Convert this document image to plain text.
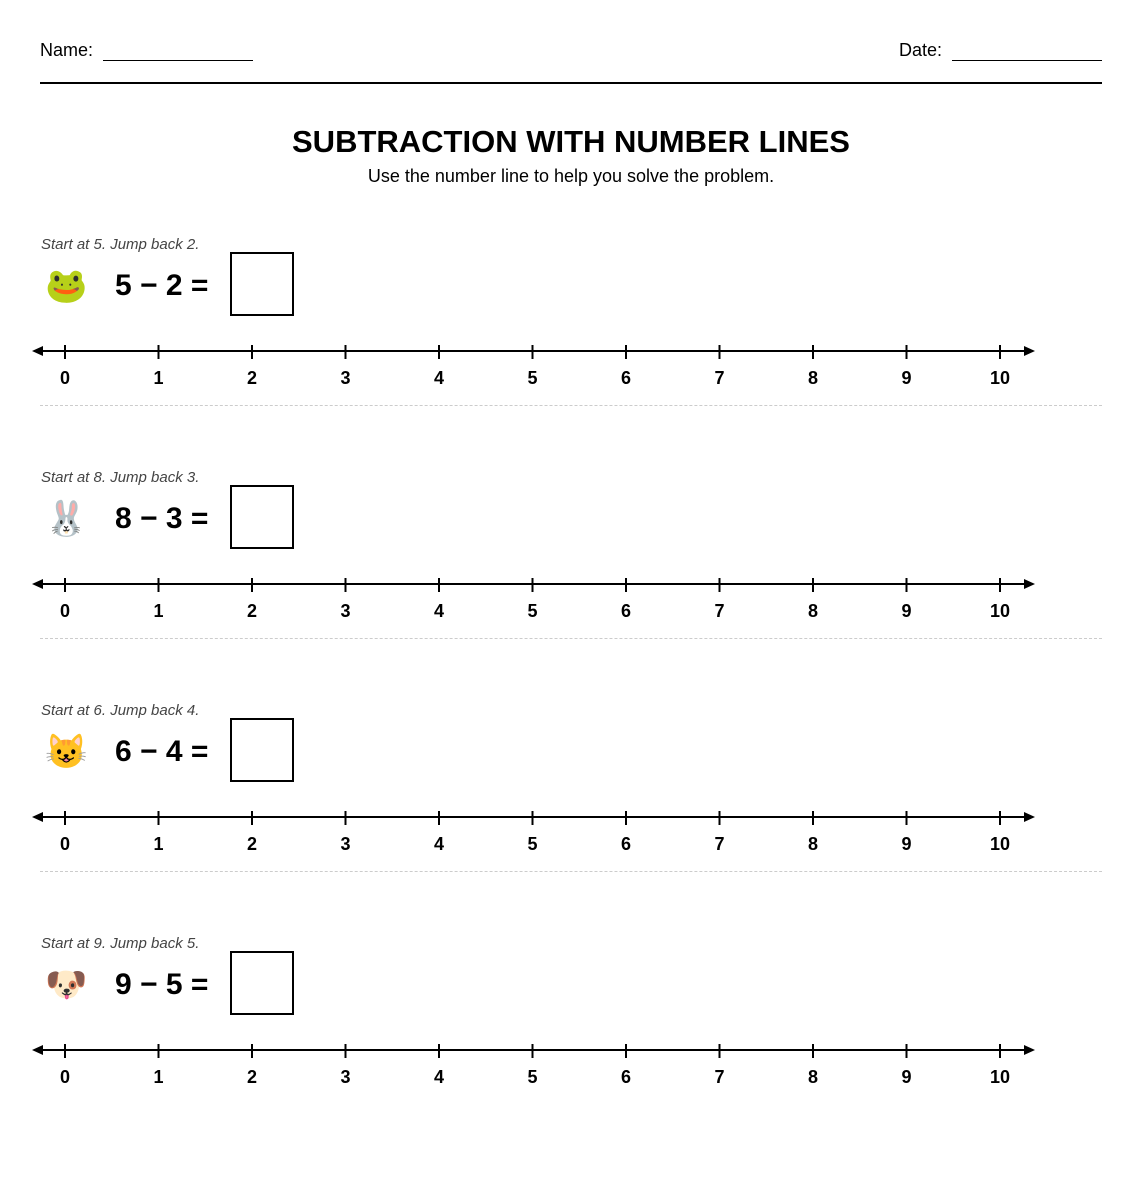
Name:	Date:
SUBTRACTION WITH NUMBER LINES
Use the number line to help you solve the problem.
Start at 5. Jump back 2.
🐸 5 − 2 =
0	1	2	3	4	5	6	7	8	9	10
Start at 8. Jump back 3.
🐰 8 − 3 =
0	1	2	3	4	5	6	7	8	9	10
Start at 6. Jump back 4.
😺 6 − 4 =
0	1	2	3	4	5	6	7	8	9	10
Start at 9. Jump back 5.
🐶 9 − 5 =
0	1	2	3	4	5	6	7	8	9	10
